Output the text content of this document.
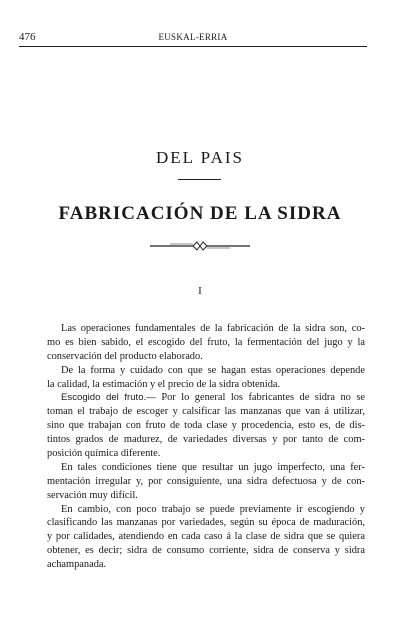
476	EUSKAL-ERRIA
DEL PAIS
FABRICACIÓN DE LA SIDRA
I
Las operaciones fundamentales de la fabricación de la sidra son, co-
mo es bien sabido, el escogido del fruto, la fermentación del jugo y la
conservación del producto elaborado.
De la forma y cuidado con que se hagan estas operaciones depende
la calidad, la estimación y el precio de la sidra obtenida.
Escogido del fruto.— Por lo general los fabricantes de sidra no se
toman el trabajo de escoger y calsificar las manzanas que van á utilizar,
sino que trabajan con fruto de toda clase y procedencia, esto es, de dis-
tintos grados de madurez, de variedades diversas y por tanto de com-
posición química diferente.
En tales condiciones tiene que resultar un jugo imperfecto, una fer-
mentación irregular y, por consiguiente, una sidra defectuosa y de con-
servación muy difícil.
En cambio, con poco trabajo se puede previamente ir escogiendo y
clasificando las manzanas por variedades, según su época de maduración,
y por calidades, atendiendo en cada caso á la clase de sidra que se quiera
obtener, es decir; sidra de consumo corriente, sidra de conserva y sidra
achampanada.
